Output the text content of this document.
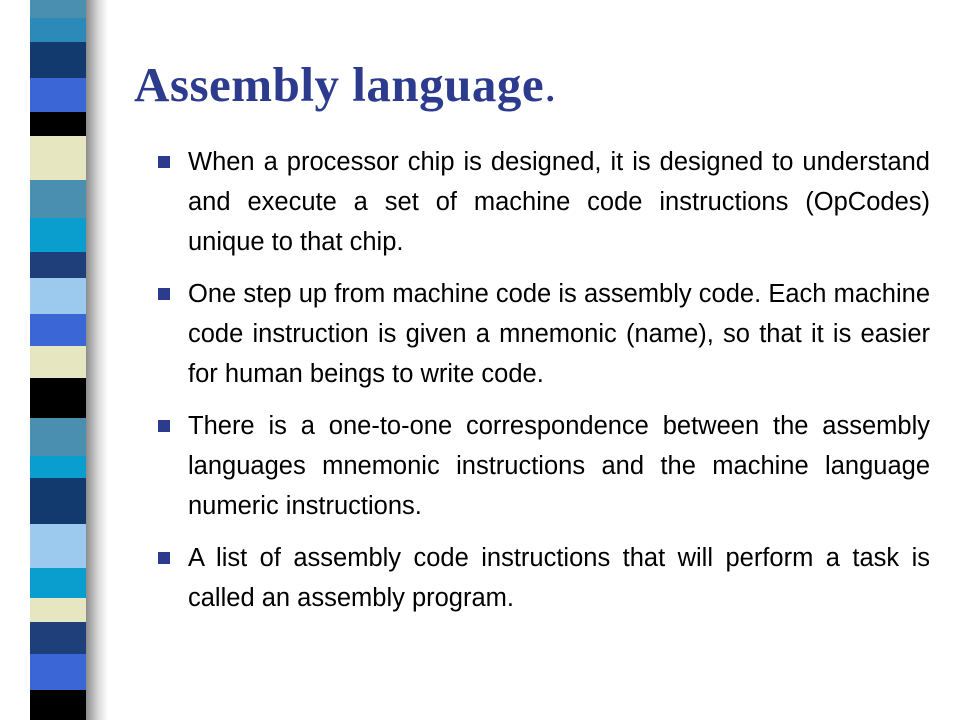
Assembly language.
When a processor chip is designed, it is designed to understand and execute a set of machine code instructions (OpCodes) unique to that chip.
One step up from machine code is assembly code. Each machine code instruction is given a mnemonic (name), so that it is easier for human beings to write code.
There is a one-to-one correspondence between the assembly languages mnemonic instructions and the machine language numeric instructions.
A list of assembly code instructions that will perform a task is called an assembly program.
